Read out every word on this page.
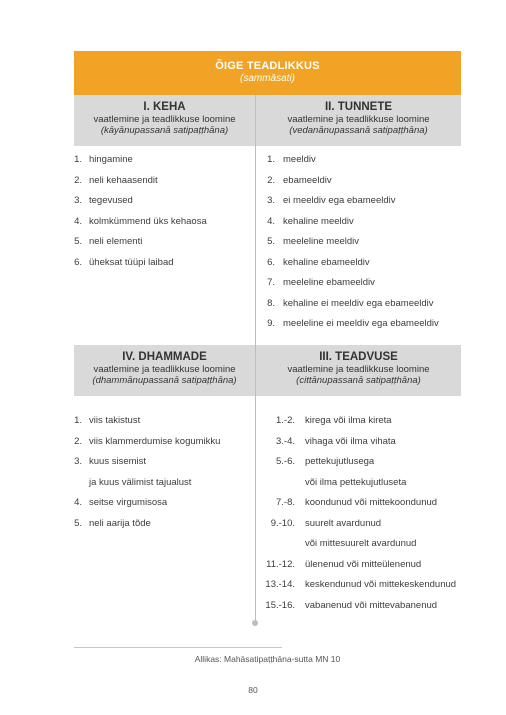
ÕIGE TEADLIKKUS
(sammāsati)
I. KEHA
vaatlemine ja teadlikkuse loomine
(kāyānupassanā satipaṭṭhāna)
II. TUNNETE
vaatlemine ja teadlikkuse loomine
(vedanānupassanā satipaṭṭhāna)
IV. DHAMMADE
vaatlemine ja teadlikkuse loomine
(dhammānupassanā satipaṭṭhāna)
III. TEADVUSE
vaatlemine ja teadlikkuse loomine
(cittānupassanā satipaṭṭhāna)
1. hingamine
2. neli kehaasendit
3. tegevused
4. kolmkümmend üks kehaosa
5. neli elementi
6. üheksat tüüpi laibad
1. meeldiv
2. ebameeldiv
3. ei meeldiv ega ebameeldiv
4. kehaline meeldiv
5. meeleline meeldiv
6. kehaline ebameeldiv
7. meeleline ebameeldiv
8. kehaline ei meeldiv ega ebameeldiv
9. meeleline ei meeldiv ega ebameeldiv
1. viis takistust
2. viis klammerdumise kogumikku
3. kuus sisemist
ja kuus välimist tajualust
4. seitse virgumisosa
5. neli aarija tõde
1.-2. kirega või ilma kireta
3.-4. vihaga või ilma vihata
5.-6. pettekujutlusega
või ilma pettekujutluseta
7.-8. koondunud või mittekoondunud
9.-10. suurelt avardunud
või mittesuurelt avardunud
11.-12. ülenenud või mitteülenenud
13.-14. keskendunud või mittekeskendunud
15.-16. vabanenud või mittevabanenud
Allikas: Mahāsatipaṭṭhāna-sutta MN 10
80
